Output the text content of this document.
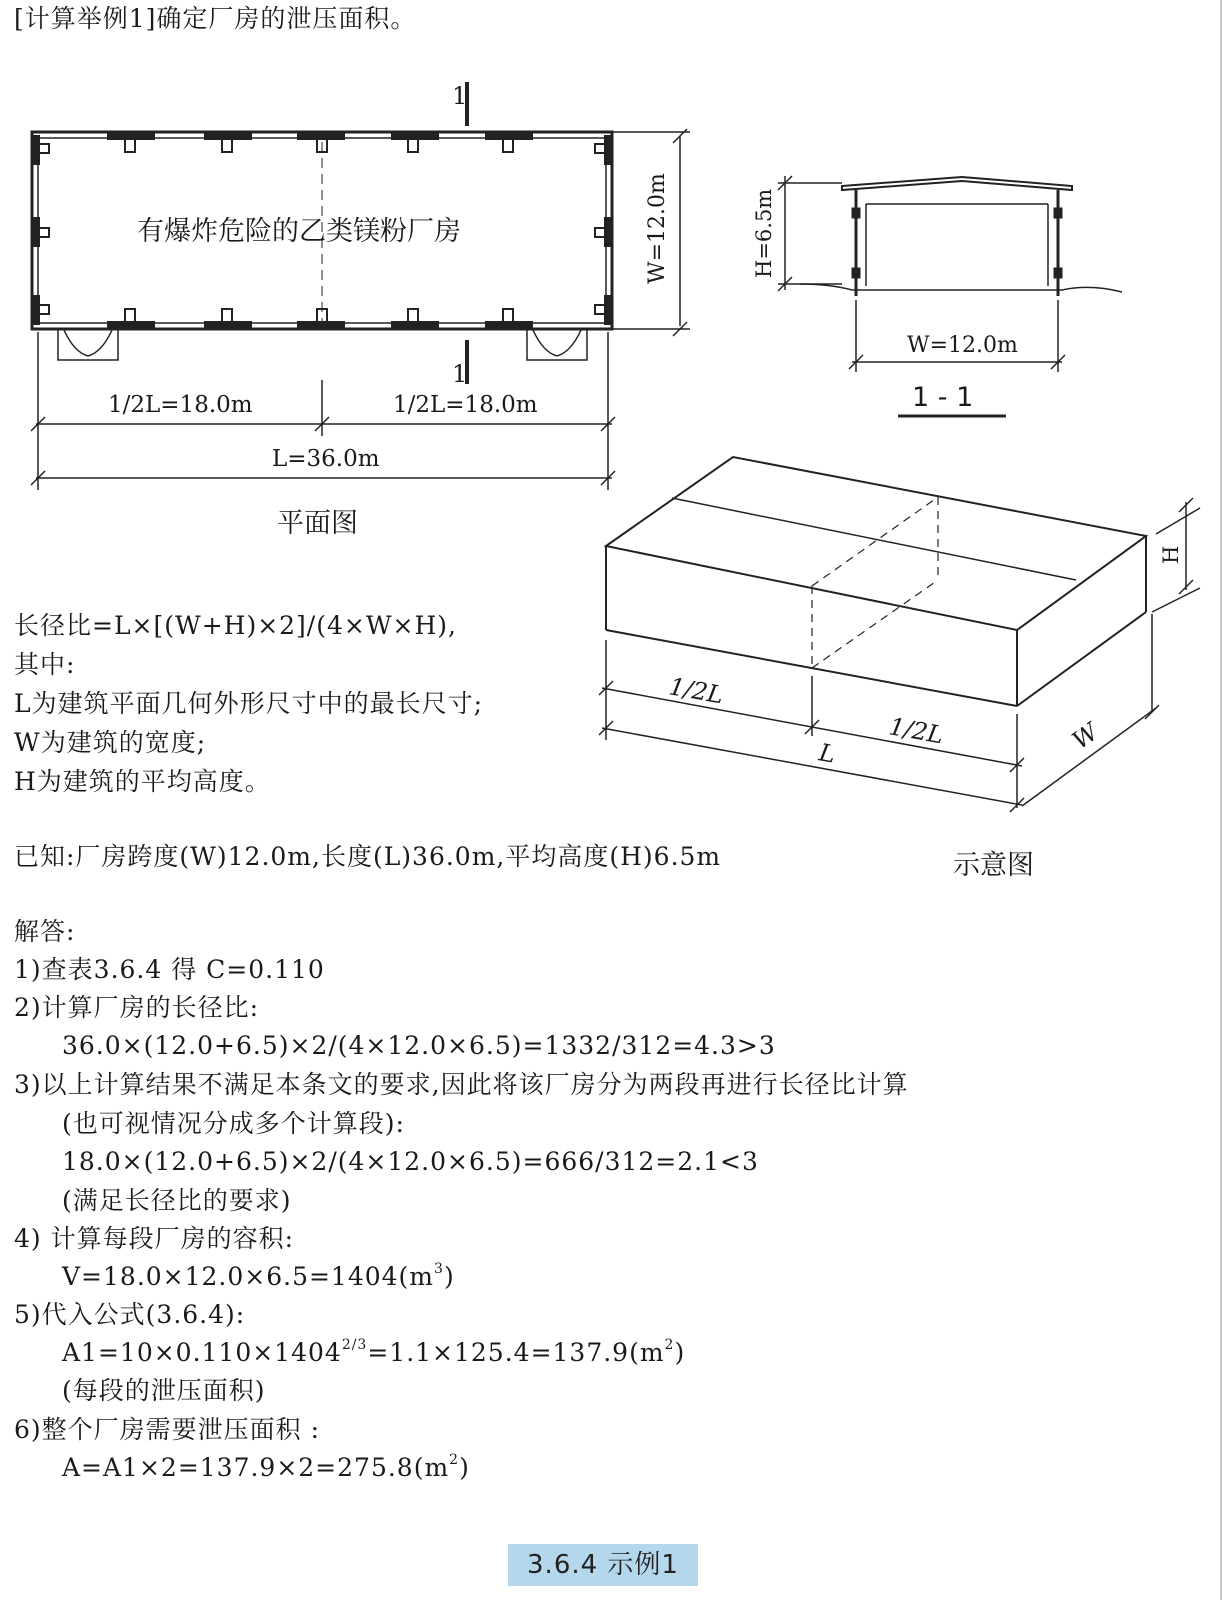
[计算举例1]确定厂房的泄压面积。
有爆炸危险的乙类镁粉厂房
1
1
W=12.0m
1/2L=18.0m	1/2L=18.0m
L=36.0m
平面图
H=6.5m
W=12.0m
1 - 1
1/2L
1/2L
L	W
H
示意图
长径比=L×[(W+H)×2]/(4×W×H),
其中:
L为建筑平面几何外形尺寸中的最长尺寸;
W为建筑的宽度;
H为建筑的平均高度。
已知:厂房跨度(W)12.0m,长度(L)36.0m,平均高度(H)6.5m
解答:
1)查表3.6.4 得 C=0.110
2)计算厂房的长径比:
36.0×(12.0+6.5)×2/(4×12.0×6.5)=1332/312=4.3>3
3)以上计算结果不满足本条文的要求,因此将该厂房分为两段再进行长径比计算
(也可视情况分成多个计算段):
18.0×(12.0+6.5)×2/(4×12.0×6.5)=666/312=2.1<3
(满足长径比的要求)
4) 计算每段厂房的容积:
$V=18.0\times 12.0\times 6.5=1404(m^3)$
5)代入公式(3.6.4):
$A1=10\times 0.110\times 1404^{2/3}=1.1\times 125.4=137.9(m^2)$
(每段的泄压面积)
6)整个厂房需要泄压面积 :
$A=A1\times 2=137.9\times 2=275.8(m^2)$
3.6.4 示例1
